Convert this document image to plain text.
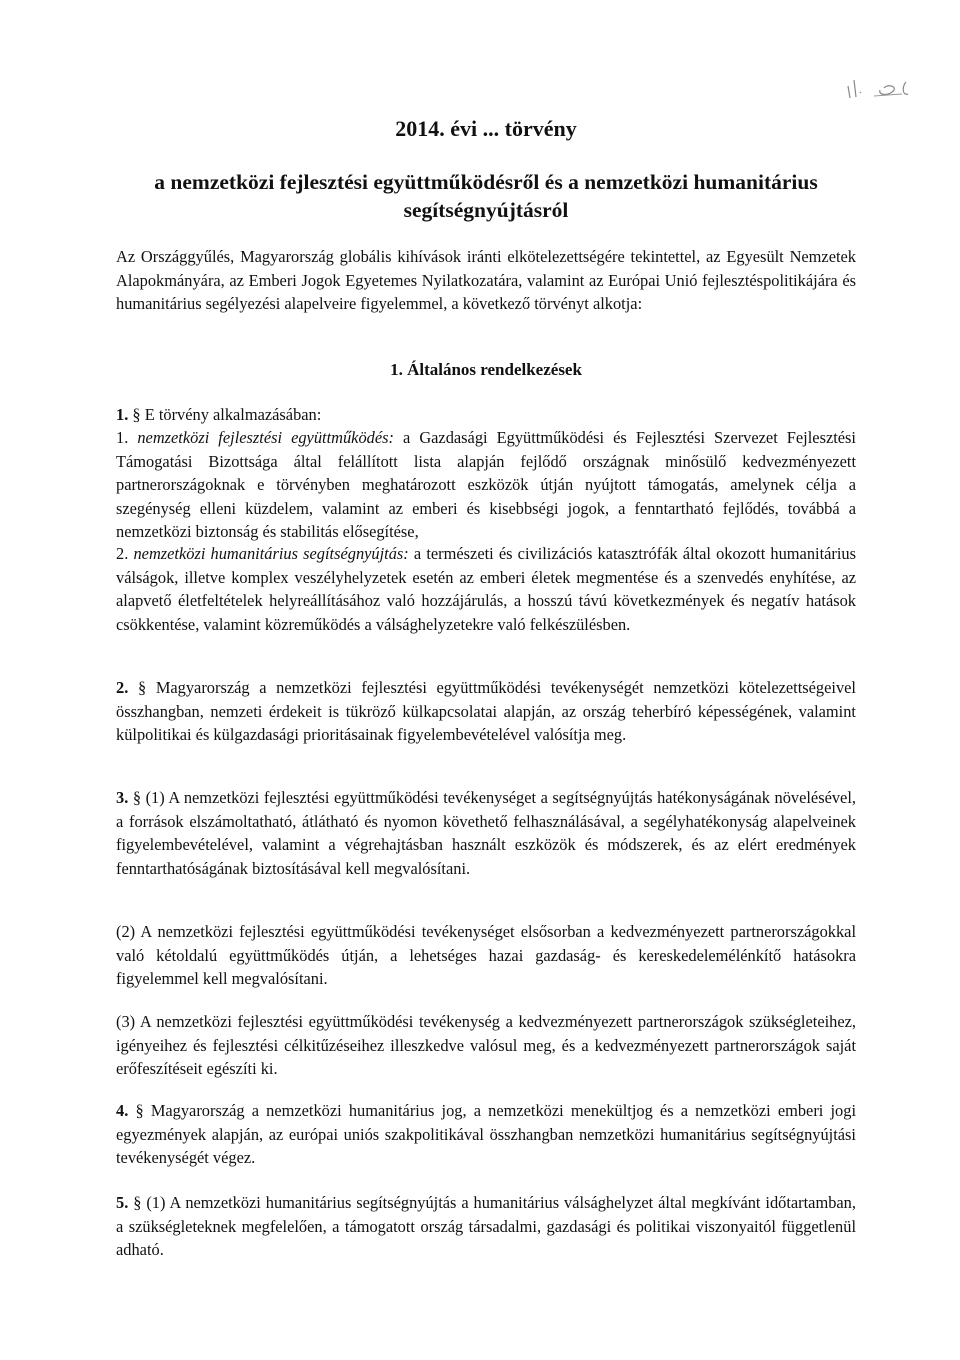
2014. évi ... törvény
a nemzetközi fejlesztési együttműködésről és a nemzetközi humanitárius segítségnyújtásról

Az Országgyűlés, Magyarország globális kihívások iránti elkötelezettségére tekintettel, az Egyesült Nemzetek Alapokmányára, az Emberi Jogok Egyetemes Nyilatkozatára, valamint az Európai Unió fejlesztéspolitikájára és humanitárius segélyezési alapelveire figyelemmel, a következő törvényt alkotja:

1. Általános rendelkezések

1. § E törvény alkalmazásában:

1. nemzetközi fejlesztési együttműködés: a Gazdasági Együttműködési és Fejlesztési Szervezet Fejlesztési Támogatási Bizottsága által felállított lista alapján fejlődő országnak minősülő kedvezményezett partnerországoknak e törvényben meghatározott eszközök útján nyújtott támogatás, amelynek célja a szegénység elleni küzdelem, valamint az emberi és kisebbségi jogok, a fenntartható fejlődés, továbbá a nemzetközi biztonság és stabilitás elősegítése,

2. nemzetközi humanitárius segítségnyújtás: a természeti és civilizációs katasztrófák által okozott humanitárius válságok, illetve komplex veszélyhelyzetek esetén az emberi életek megmentése és a szenvedés enyhítése, az alapvető életfeltételek helyreállításához való hozzájárulás, a hosszú távú következmények és negatív hatások csökkentése, valamint közreműködés a válsághelyzetekre való felkészülésben.

2. § Magyarország a nemzetközi fejlesztési együttműködési tevékenységét nemzetközi kötelezettségeivel összhangban, nemzeti érdekeit is tükröző külkapcsolatai alapján, az ország teherbíró képességének, valamint külpolitikai és külgazdasági prioritásainak figyelembevételével valósítja meg.

3. § (1) A nemzetközi fejlesztési együttműködési tevékenységet a segítségnyújtás hatékonyságának növelésével, a források elszámoltatható, átlátható és nyomon követhető felhasználásával, a segélyhatékonyság alapelveinek figyelembevételével, valamint a végrehajtásban használt eszközök és módszerek, és az elért eredmények fenntarthatóságának biztosításával kell megvalósítani.

(2) A nemzetközi fejlesztési együttműködési tevékenységet elsősorban a kedvezményezett partnerországokkal való kétoldalú együttműködés útján, a lehetséges hazai gazdaság- és kereskedelemélénkítő hatásokra figyelemmel kell megvalósítani.

(3) A nemzetközi fejlesztési együttműködési tevékenység a kedvezményezett partnerországok szükségleteihez, igényeihez és fejlesztési célkitűzéseihez illeszkedve valósul meg, és a kedvezményezett partnerországok saját erőfeszítéseit egészíti ki.

4. § Magyarország a nemzetközi humanitárius jog, a nemzetközi menekültjog és a nemzetközi emberi jogi egyezmények alapján, az európai uniós szakpolitikával összhangban nemzetközi humanitárius segítségnyújtási tevékenységét végez.

5. § (1) A nemzetközi humanitárius segítségnyújtás a humanitárius válsághelyzet által megkívánt időtartamban, a szükségleteknek megfelelően, a támogatott ország társadalmi, gazdasági és politikai viszonyaitól függetlenül adható.
